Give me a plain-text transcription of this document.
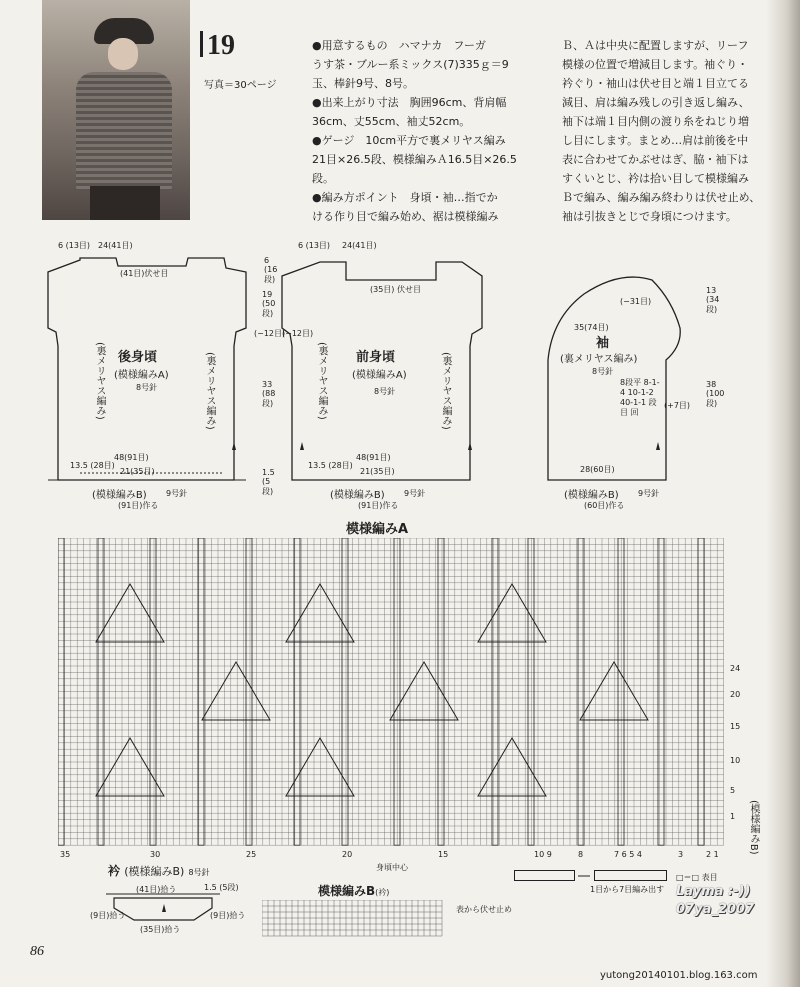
19
写真＝30ページ

●用意するもの　ハマナカ　フーガ

うす茶・ブルー系ミックス(7)335ｇ＝9

玉、棒針9号、8号。

●出来上がり寸法　胸囲96cm、背肩幅

36cm、丈55cm、袖丈52cm。

●ゲージ　10cm平方で裏メリヤス編み

21目×26.5段、模様編みＡ16.5目×26.5

段。

●編み方ポイント　身頃・袖…指でか

ける作り目で編み始め、裾は模様編み

Ｂ、Ａは中央に配置しますが、リーフ

模様の位置で増減目します。袖ぐり・

衿ぐり・袖山は伏せ目と端１目立てる

減目、肩は編み残しの引き返し編み、

袖下は端１目内側の渡り糸をねじり増

し目にします。まとめ…肩は前後を中

表に合わせてかぶせはぎ、脇・袖下は

すくいとじ、衿は拾い目して模様編み

Ｂで編み、編み編み終わりは伏せ止め、

袖は引抜きとじで身頃につけます。

後身頃
(模様編みA)
8号針
(裏メリヤス編み)	(裏メリヤス編み)
24(41目)
6 (13目)
(41目)伏せ目
(−12目)
48(91目)
21(35目)
13.5 (28目)
(模様編みB) 9号針
(91目)作る
前身頃
(模様編みA)
8号針
(裏メリヤス編み)	(裏メリヤス編み)
24(41目)
6 (13目)
(35目) 伏せ目
(−12目)
48(91目)
21(35目)
13.5 (28目)
(模様編みB) 9号針
(91目)作る
袖
(裏メリヤス編み)
8号針
35(74目)
28(60目)
(−31目)
(+7目)
8段平 8-1-4 10-1-2 40-1-1 段 目 回
(模様編みB) 9号針
(60目)作る
19 (50段)
33 (88段)
1.5 (5段)
6 (16段)
13 (34段)
38 (100段)
模様編みA
35	30	25	20	15	10 9	8	7 6 5 4	3	2 1
24
20
15
10
5
1
身頃中心
(模様編みB)
□＝□ 表目
1目から7目編み出す
衿 (模様編みB) 8号針
(41目)拾う
(35目)拾う
(9目)拾う	(9目)拾う
1.5 (5段)	模様編みB(衿)
表から伏せ止め
86
Layma :-))
07ya_2007
yutong20140101.blog.163.com
